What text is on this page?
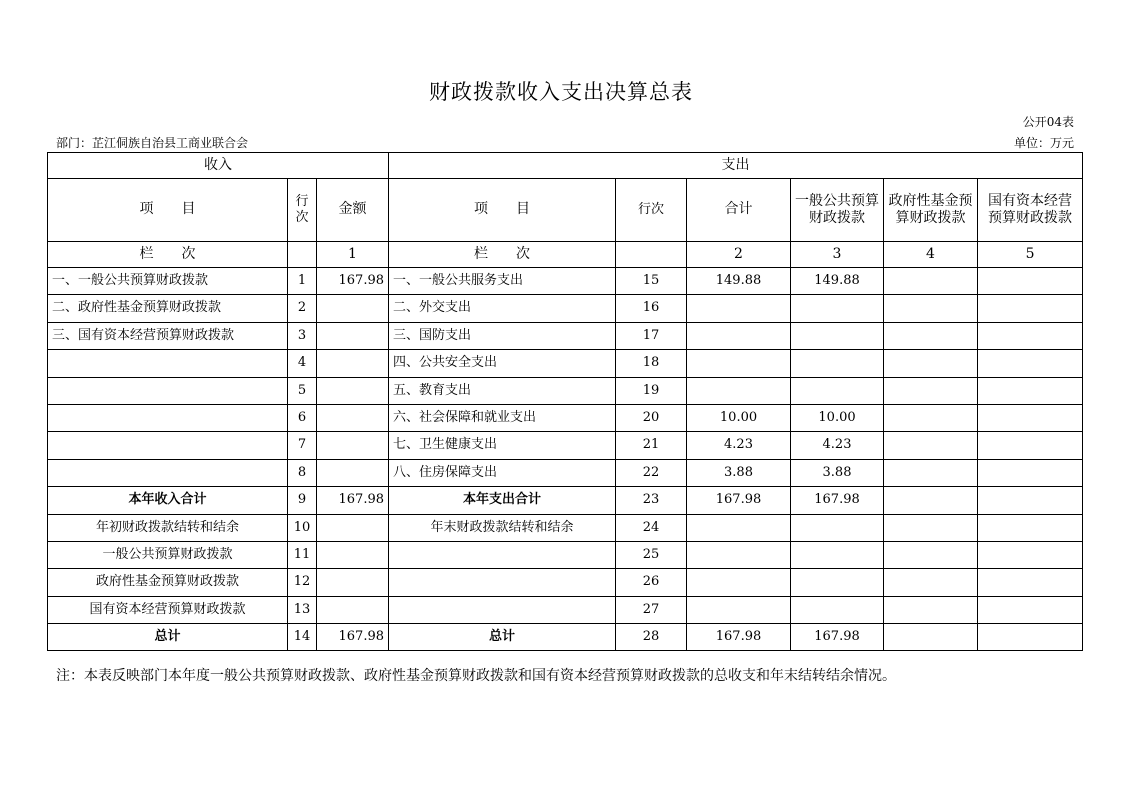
财政拨款收入支出决算总表
公开04表
部门：芷江侗族自治县工商业联合会	单位：万元
收入			支出					
项　　目	行
次	金额	项　　目	行次	合计	一般公共预算财政拨款	政府性基金预算财政拨款	国有资本经营预算财政拨款
栏　　次		1	栏　　次		2	3	4	5
一、一般公共预算财政拨款	1	167.98	一、一般公共服务支出	15	149.88	149.88		
二、政府性基金预算财政拨款	2		二、外交支出	16				
三、国有资本经营预算财政拨款	3		三、国防支出	17				
	4		四、公共安全支出	18				
	5		五、教育支出	19				
	6		六、社会保障和就业支出	20	10.00	10.00		
	7		七、卫生健康支出	21	4.23	4.23		
	8		八、住房保障支出	22	3.88	3.88		
本年收入合计	9	167.98	本年支出合计	23	167.98	167.98		
年初财政拨款结转和结余	10		年末财政拨款结转和结余	24				
一般公共预算财政拨款	11			25				
政府性基金预算财政拨款	12			26				
国有资本经营预算财政拨款	13			27				
总计	14	167.98	总计	28	167.98	167.98		
注：本表反映部门本年度一般公共预算财政拨款、政府性基金预算财政拨款和国有资本经营预算财政拨款的总收支和年末结转结余情况。
